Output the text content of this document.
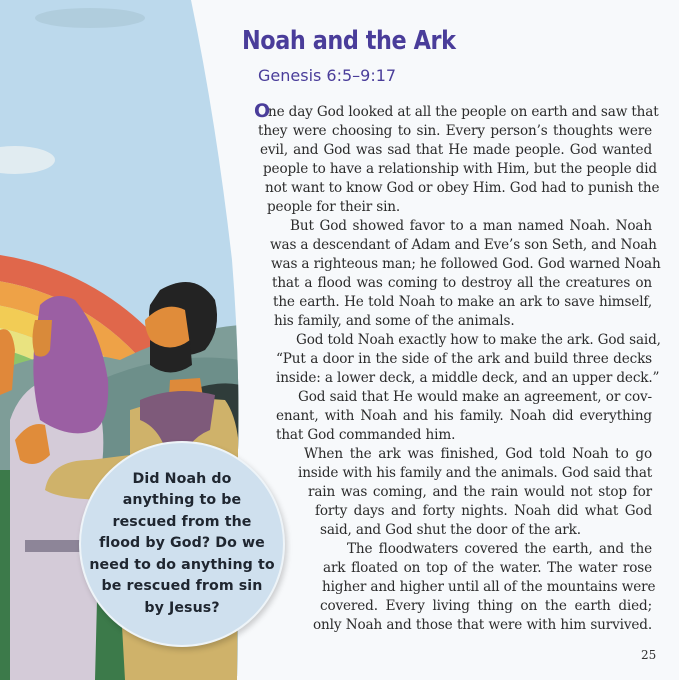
Noah and the Ark
Genesis 6:5–9:17
O
ne day God looked at all the people on earth and saw that
they were choosing to sin. Every person’s thoughts were
evil, and God was sad that He made people. God wanted
people to have a relationship with Him, but the people did
not want to know God or obey Him. God had to punish the
people for their sin.
But God showed favor to a man named Noah. Noah
was a descendant of Adam and Eve’s son Seth, and Noah
was a righteous man; he followed God. God warned Noah
that a flood was coming to destroy all the creatures on
the earth. He told Noah to make an ark to save himself,
his family, and some of the animals.
God told Noah exactly how to make the ark. God said,
“Put a door in the side of the ark and build three decks
inside: a lower deck, a middle deck, and an upper deck.”
God said that He would make an agreement, or cov-
enant, with Noah and his family. Noah did everything
that God commanded him.
When the ark was finished, God told Noah to go
inside with his family and the animals. God said that
rain was coming, and the rain would not stop for
forty days and forty nights. Noah did what God
said, and God shut the door of the ark.
The floodwaters covered the earth, and the
ark floated on top of the water. The water rose
higher and higher until all of the mountains were
covered. Every living thing on the earth died;
only Noah and those that were with him survived.
Did Noah do
anything to be
rescued from the
flood by God? Do we
need to do anything to
be rescued from sin
by Jesus?
25
